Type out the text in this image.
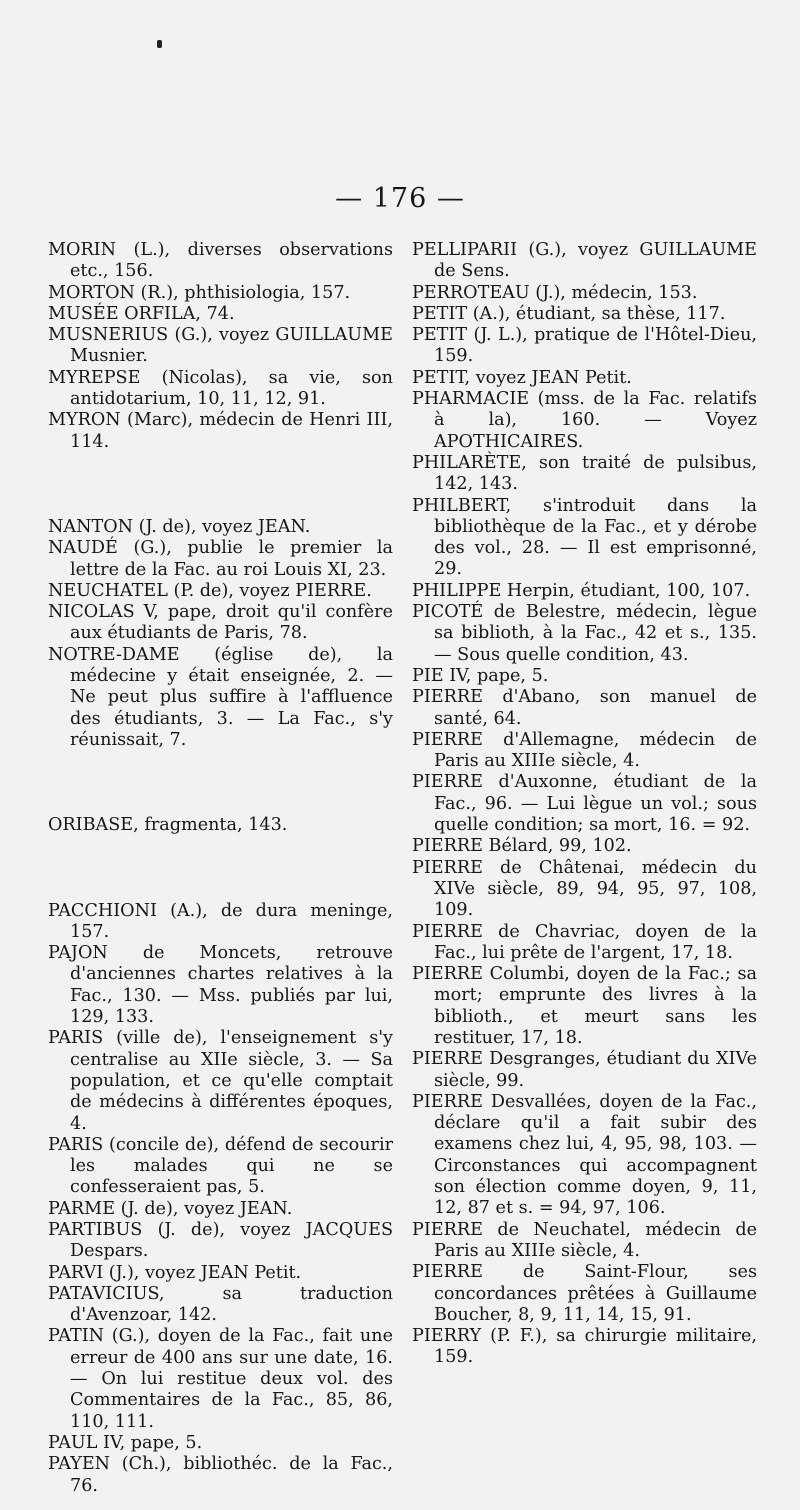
— 176 —

MORIN (L.), diverses observations etc., 156.

MORTON (R.), phthisiologia, 157.

MUSÉE ORFILA, 74.

MUSNERIUS (G.), voyez GUILLAUME Musnier.

MYREPSE (Nicolas), sa vie, son antidotarium, 10, 11, 12, 91.

MYRON (Marc), médecin de Henri III, 114.

NANTON (J. de), voyez JEAN.

NAUDÉ (G.), publie le premier la lettre de la Fac. au roi Louis XI, 23.

NEUCHATEL (P. de), voyez PIERRE.

NICOLAS V, pape, droit qu'il confère aux étudiants de Paris, 78.

NOTRE-DAME (église de), la médecine y était enseignée, 2. — Ne peut plus suffire à l'affluence des étudiants, 3. — La Fac., s'y réunissait, 7.

ORIBASE, fragmenta, 143.

PACCHIONI (A.), de dura meninge, 157.

PAJON de Moncets, retrouve d'anciennes chartes relatives à la Fac., 130. — Mss. publiés par lui, 129, 133.

PARIS (ville de), l'enseignement s'y centralise au XIIe siècle, 3. — Sa population, et ce qu'elle comptait de médecins à différentes époques, 4.

PARIS (concile de), défend de secourir les malades qui ne se confesseraient pas, 5.

PARME (J. de), voyez JEAN.

PARTIBUS (J. de), voyez JACQUES Despars.

PARVI (J.), voyez JEAN Petit.

PATAVICIUS, sa traduction d'Avenzoar, 142.

PATIN (G.), doyen de la Fac., fait une erreur de 400 ans sur une date, 16. — On lui restitue deux vol. des Commentaires de la Fac., 85, 86, 110, 111.

PAUL IV, pape, 5.

PAYEN (Ch.), bibliothéc. de la Fac., 76.

PELLIPARII (G.), voyez GUILLAUME de Sens.

PERROTEAU (J.), médecin, 153.

PETIT (A.), étudiant, sa thèse, 117.

PETIT (J. L.), pratique de l'Hôtel-Dieu, 159.

PETIT, voyez JEAN Petit.

PHARMACIE (mss. de la Fac. relatifs à la), 160. — Voyez APOTHICAIRES.

PHILARÈTE, son traité de pulsibus, 142, 143.

PHILBERT, s'introduit dans la bibliothèque de la Fac., et y dérobe des vol., 28. — Il est emprisonné, 29.

PHILIPPE Herpin, étudiant, 100, 107.

PICOTÉ de Belestre, médecin, lègue sa biblioth, à la Fac., 42 et s., 135. — Sous quelle condition, 43.

PIE IV, pape, 5.

PIERRE d'Abano, son manuel de santé, 64.

PIERRE d'Allemagne, médecin de Paris au XIIIe siècle, 4.

PIERRE d'Auxonne, étudiant de la Fac., 96. — Lui lègue un vol.; sous quelle condition; sa mort, 16. = 92.

PIERRE Bélard, 99, 102.

PIERRE de Châtenai, médecin du XIVe siècle, 89, 94, 95, 97, 108, 109.

PIERRE de Chavriac, doyen de la Fac., lui prête de l'argent, 17, 18.

PIERRE Columbi, doyen de la Fac.; sa mort; emprunte des livres à la biblioth., et meurt sans les restituer, 17, 18.

PIERRE Desgranges, étudiant du XIVe siècle, 99.

PIERRE Desvallées, doyen de la Fac., déclare qu'il a fait subir des examens chez lui, 4, 95, 98, 103. — Circonstances qui accompagnent son élection comme doyen, 9, 11, 12, 87 et s. = 94, 97, 106.

PIERRE de Neuchatel, médecin de Paris au XIIIe siècle, 4.

PIERRE de Saint-Flour, ses concordances prêtées à Guillaume Boucher, 8, 9, 11, 14, 15, 91.

PIERRY (P. F.), sa chirurgie militaire, 159.
